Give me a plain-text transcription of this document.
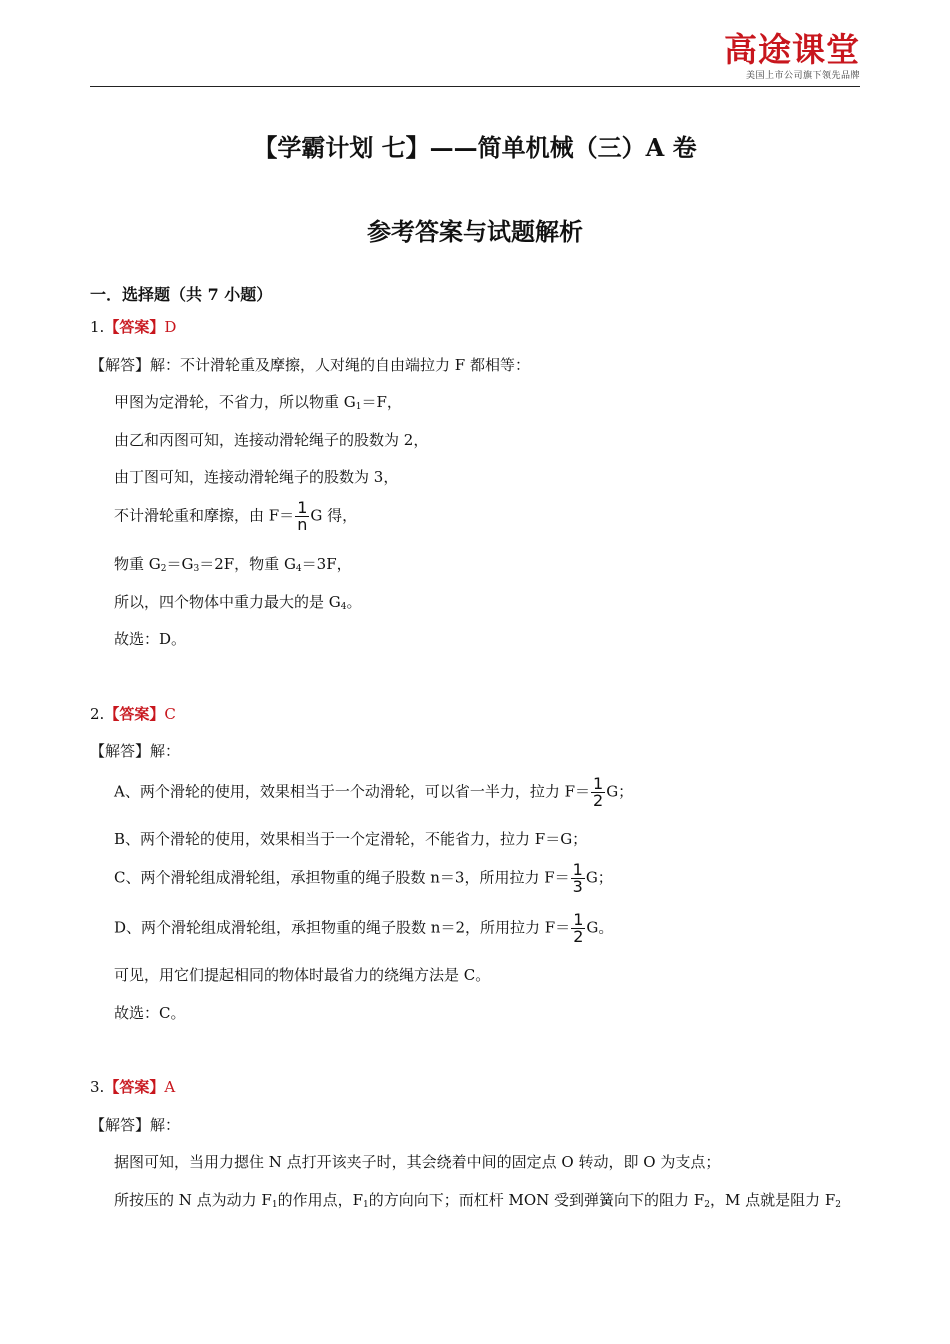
高途课堂
美国上市公司旗下领先品牌
【学霸计划 七】——简单机械（三）A 卷
参考答案与试题解析
一．选择题（共 7 小题）
1.【答案】D
【解答】解：不计滑轮重及摩擦，人对绳的自由端拉力 F 都相等：
甲图为定滑轮，不省力，所以物重 $G_1=F$，
由乙和丙图可知，连接动滑轮绳子的股数为 2，
由丁图可知，连接动滑轮绳子的股数为 3，
不计滑轮重和摩擦，由 $F= \frac{1}{n}$ G 得，
物重 $G_2=G_3=2F$，物重 $G_4=3F$，
所以，四个物体中重力最大的是 $G_4$。
故选：D。
2.【答案】C
【解答】解：
A、两个滑轮的使用，效果相当于一个动滑轮，可以省一半力，拉力 $F= \frac{1}{2}$ G；
B、两个滑轮的使用，效果相当于一个定滑轮，不能省力，拉力 F＝G；
C、两个滑轮组成滑轮组，承担物重的绳子股数 n＝3，所用拉力 $F= \frac{1}{3}$ G；
D、两个滑轮组成滑轮组，承担物重的绳子股数 n＝2，所用拉力 $F= \frac{1}{2}$ G。
可见，用它们提起相同的物体时最省力的绕绳方法是 C。
故选：C。
3.【答案】A
【解答】解：
据图可知，当用力摁住 N 点打开该夹子时，其会绕着中间的固定点 O 转动，即 O 为支点；
所按压的 N 点为动力 $F_1$的作用点，$F_1$的方向向下；而杠杆 MON 受到弹簧向下的阻力 $F_2$，M 点就是阻力 $F_2$
